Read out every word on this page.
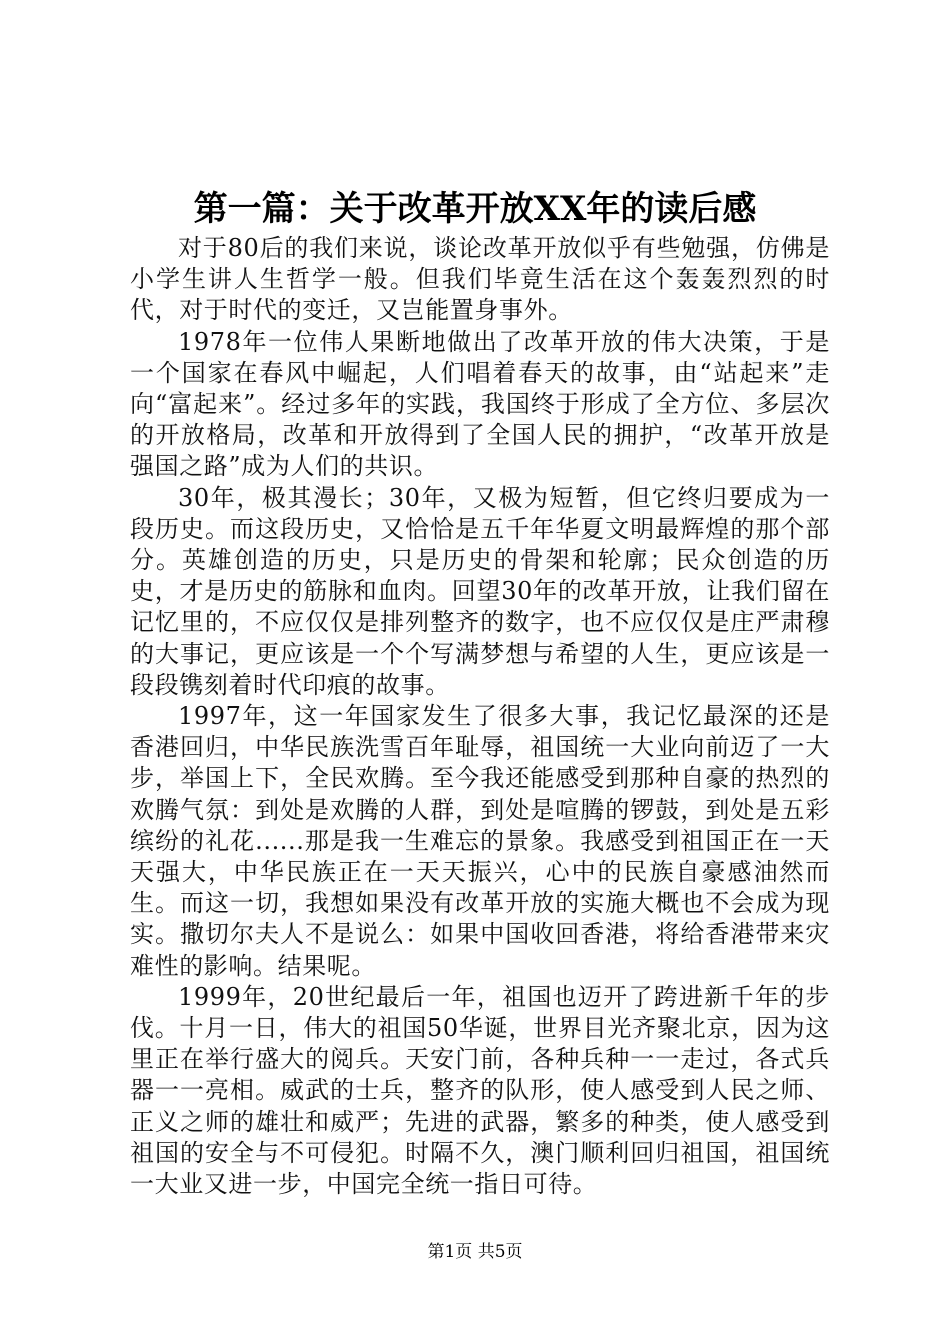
第一篇：关于改革开放XX年的读后感

对于80后的我们来说，谈论改革开放似乎有些勉强，仿佛是小学生讲人生哲学一般。但我们毕竟生活在这个轰轰烈烈的时代，对于时代的变迁，又岂能置身事外。

1978年一位伟人果断地做出了改革开放的伟大决策，于是一个国家在春风中崛起，人们唱着春天的故事，由“站起来”走向“富起来”。经过多年的实践，我国终于形成了全方位、多层次的开放格局，改革和开放得到了全国人民的拥护，“改革开放是强国之路”成为人们的共识。

30年，极其漫长；30年，又极为短暂，但它终归要成为一段历史。而这段历史，又恰恰是五千年华夏文明最辉煌的那个部分。英雄创造的历史，只是历史的骨架和轮廓；民众创造的历史，才是历史的筋脉和血肉。回望30年的改革开放，让我们留在记忆里的，不应仅仅是排列整齐的数字，也不应仅仅是庄严肃穆的大事记，更应该是一个个写满梦想与希望的人生，更应该是一段段镌刻着时代印痕的故事。

1997年，这一年国家发生了很多大事，我记忆最深的还是香港回归，中华民族洗雪百年耻辱，祖国统一大业向前迈了一大步，举国上下，全民欢腾。至今我还能感受到那种自豪的热烈的欢腾气氛：到处是欢腾的人群，到处是喧腾的锣鼓，到处是五彩缤纷的礼花......那是我一生难忘的景象。我感受到祖国正在一天天强大，中华民族正在一天天振兴，心中的民族自豪感油然而生。而这一切，我想如果没有改革开放的实施大概也不会成为现实。撒切尔夫人不是说么：如果中国收回香港，将给香港带来灾难性的影响。结果呢。

1999年，20世纪最后一年，祖国也迈开了跨进新千年的步伐。十月一日，伟大的祖国50华诞，世界目光齐聚北京，因为这里正在举行盛大的阅兵。天安门前，各种兵种一一走过，各式兵器一一亮相。威武的士兵，整齐的队形，使人感受到人民之师、正义之师的雄壮和威严；先进的武器，繁多的种类，使人感受到祖国的安全与不可侵犯。时隔不久，澳门顺利回归祖国，祖国统一大业又进一步，中国完全统一指日可待。

第1页 共5页
